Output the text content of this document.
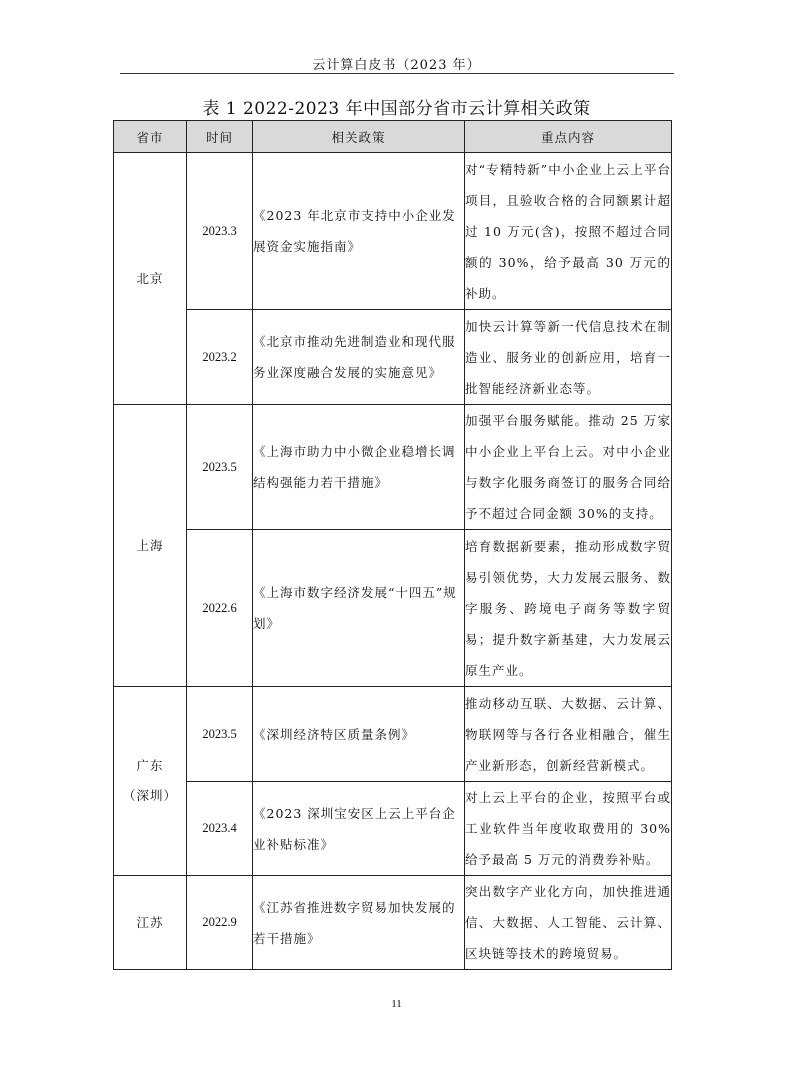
云计算白皮书（2023 年）
表 1 2022-2023 年中国部分省市云计算相关政策
省市	时间	相关政策	重点内容

北京	2023.3	《2023 年北京市支持中小企业发展资金实施指南》	对“专精特新”中小企业上云上平台项目，且验收合格的合同额累计超过 10 万元(含)，按照不超过合同额的 30%，给予最高 30 万元的补助。
	2023.2	《北京市推动先进制造业和现代服务业深度融合发展的实施意见》	加快云计算等新一代信息技术在制造业、服务业的创新应用，培育一批智能经济新业态等。

上海	2023.5	《上海市助力中小微企业稳增长调结构强能力若干措施》	加强平台服务赋能。推动 25 万家中小企业上平台上云。对中小企业与数字化服务商签订的服务合同给予不超过合同金额 30%的支持。
	2022.6	《上海市数字经济发展“十四五”规划》	培育数据新要素，推动形成数字贸易引领优势，大力发展云服务、数字服务、跨境电子商务等数字贸易；提升数字新基建，大力发展云原生产业。

广东
（深圳）	2023.5	《深圳经济特区质量条例》	推动移动互联、大数据、云计算、物联网等与各行各业相融合，催生产业新形态，创新经营新模式。
	2023.4	《2023 深圳宝安区上云上平台企业补贴标准》	对上云上平台的企业，按照平台或工业软件当年度收取费用的 30%给予最高 5 万元的消费券补贴。

江苏	2022.9	《江苏省推进数字贸易加快发展的若干措施》	突出数字产业化方向，加快推进通信、大数据、人工智能、云计算、区块链等技术的跨境贸易。
11
